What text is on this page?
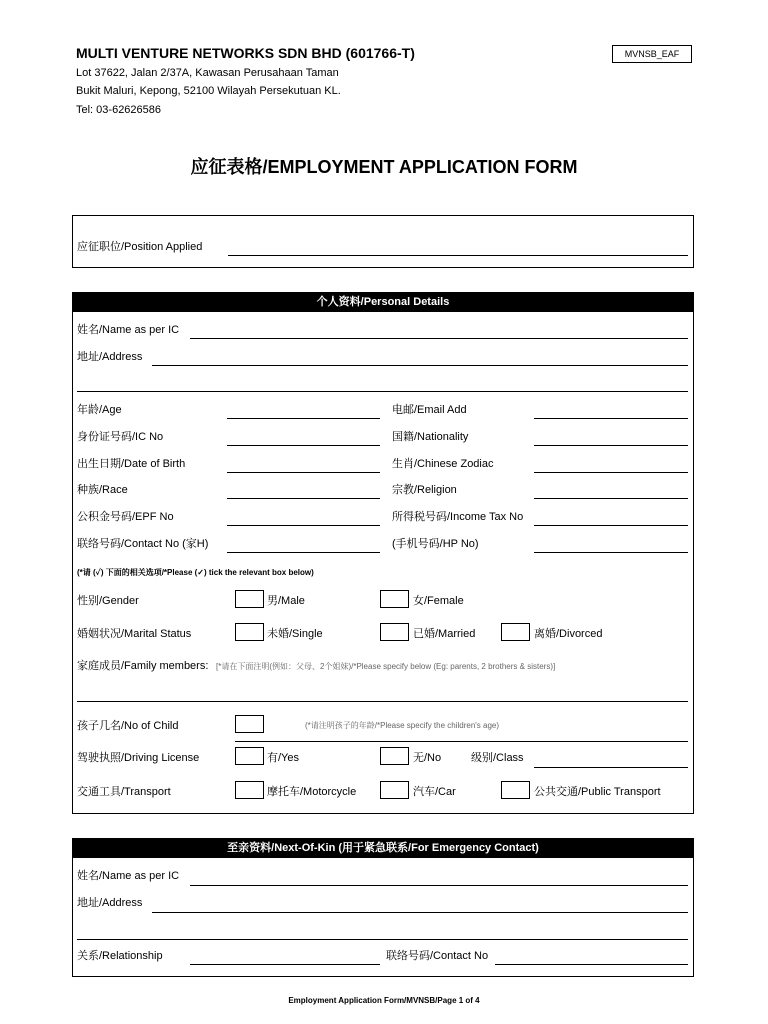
MULTI VENTURE NETWORKS SDN BHD (601766-T)
Lot 37622, Jalan 2/37A, Kawasan Perusahaan Taman
Bukit Maluri, Kepong, 52100 Wilayah Persekutuan KL.
Tel: 03-62626586
MVNSB_EAF
应征表格/EMPLOYMENT APPLICATION FORM
应征职位/Position Applied
个人资料/Personal Details
姓名/Name as per IC
地址/Address
年龄/Age	电邮/Email Add
身份证号码/IC No	国籍/Nationality
出生日期/Date of Birth	生肖/Chinese Zodiac
种族/Race	宗教/Religion
公积金号码/EPF No	所得税号码/Income Tax No
联络号码/Contact No (家H)	(手机号码/HP No)
(*请 (✓) 下面的相关选项/*Please (✓) tick the relevant box below)
性别/Gender	男/Male	女/Female
婚姻状况/Marital Status	未婚/Single	已婚/Married	离婚/Divorced
家庭成员/Family members: [*请在下面注明(例如：父母、2个姐妹)/*Please specify below (Eg: parents, 2 brothers & sisters)]
孩子几名/No of Child	(*请注明孩子的年龄/*Please specify the children's age)
驾驶执照/Driving License	有/Yes	无/No	级别/Class
交通工具/Transport	摩托车/Motorcycle	汽车/Car	公共交通/Public Transport
至亲资料/Next-Of-Kin (用于紧急联系/For Emergency Contact)
姓名/Name as per IC
地址/Address
关系/Relationship	联络号码/Contact No
Employment Application Form/MVNSB/Page 1 of 4
